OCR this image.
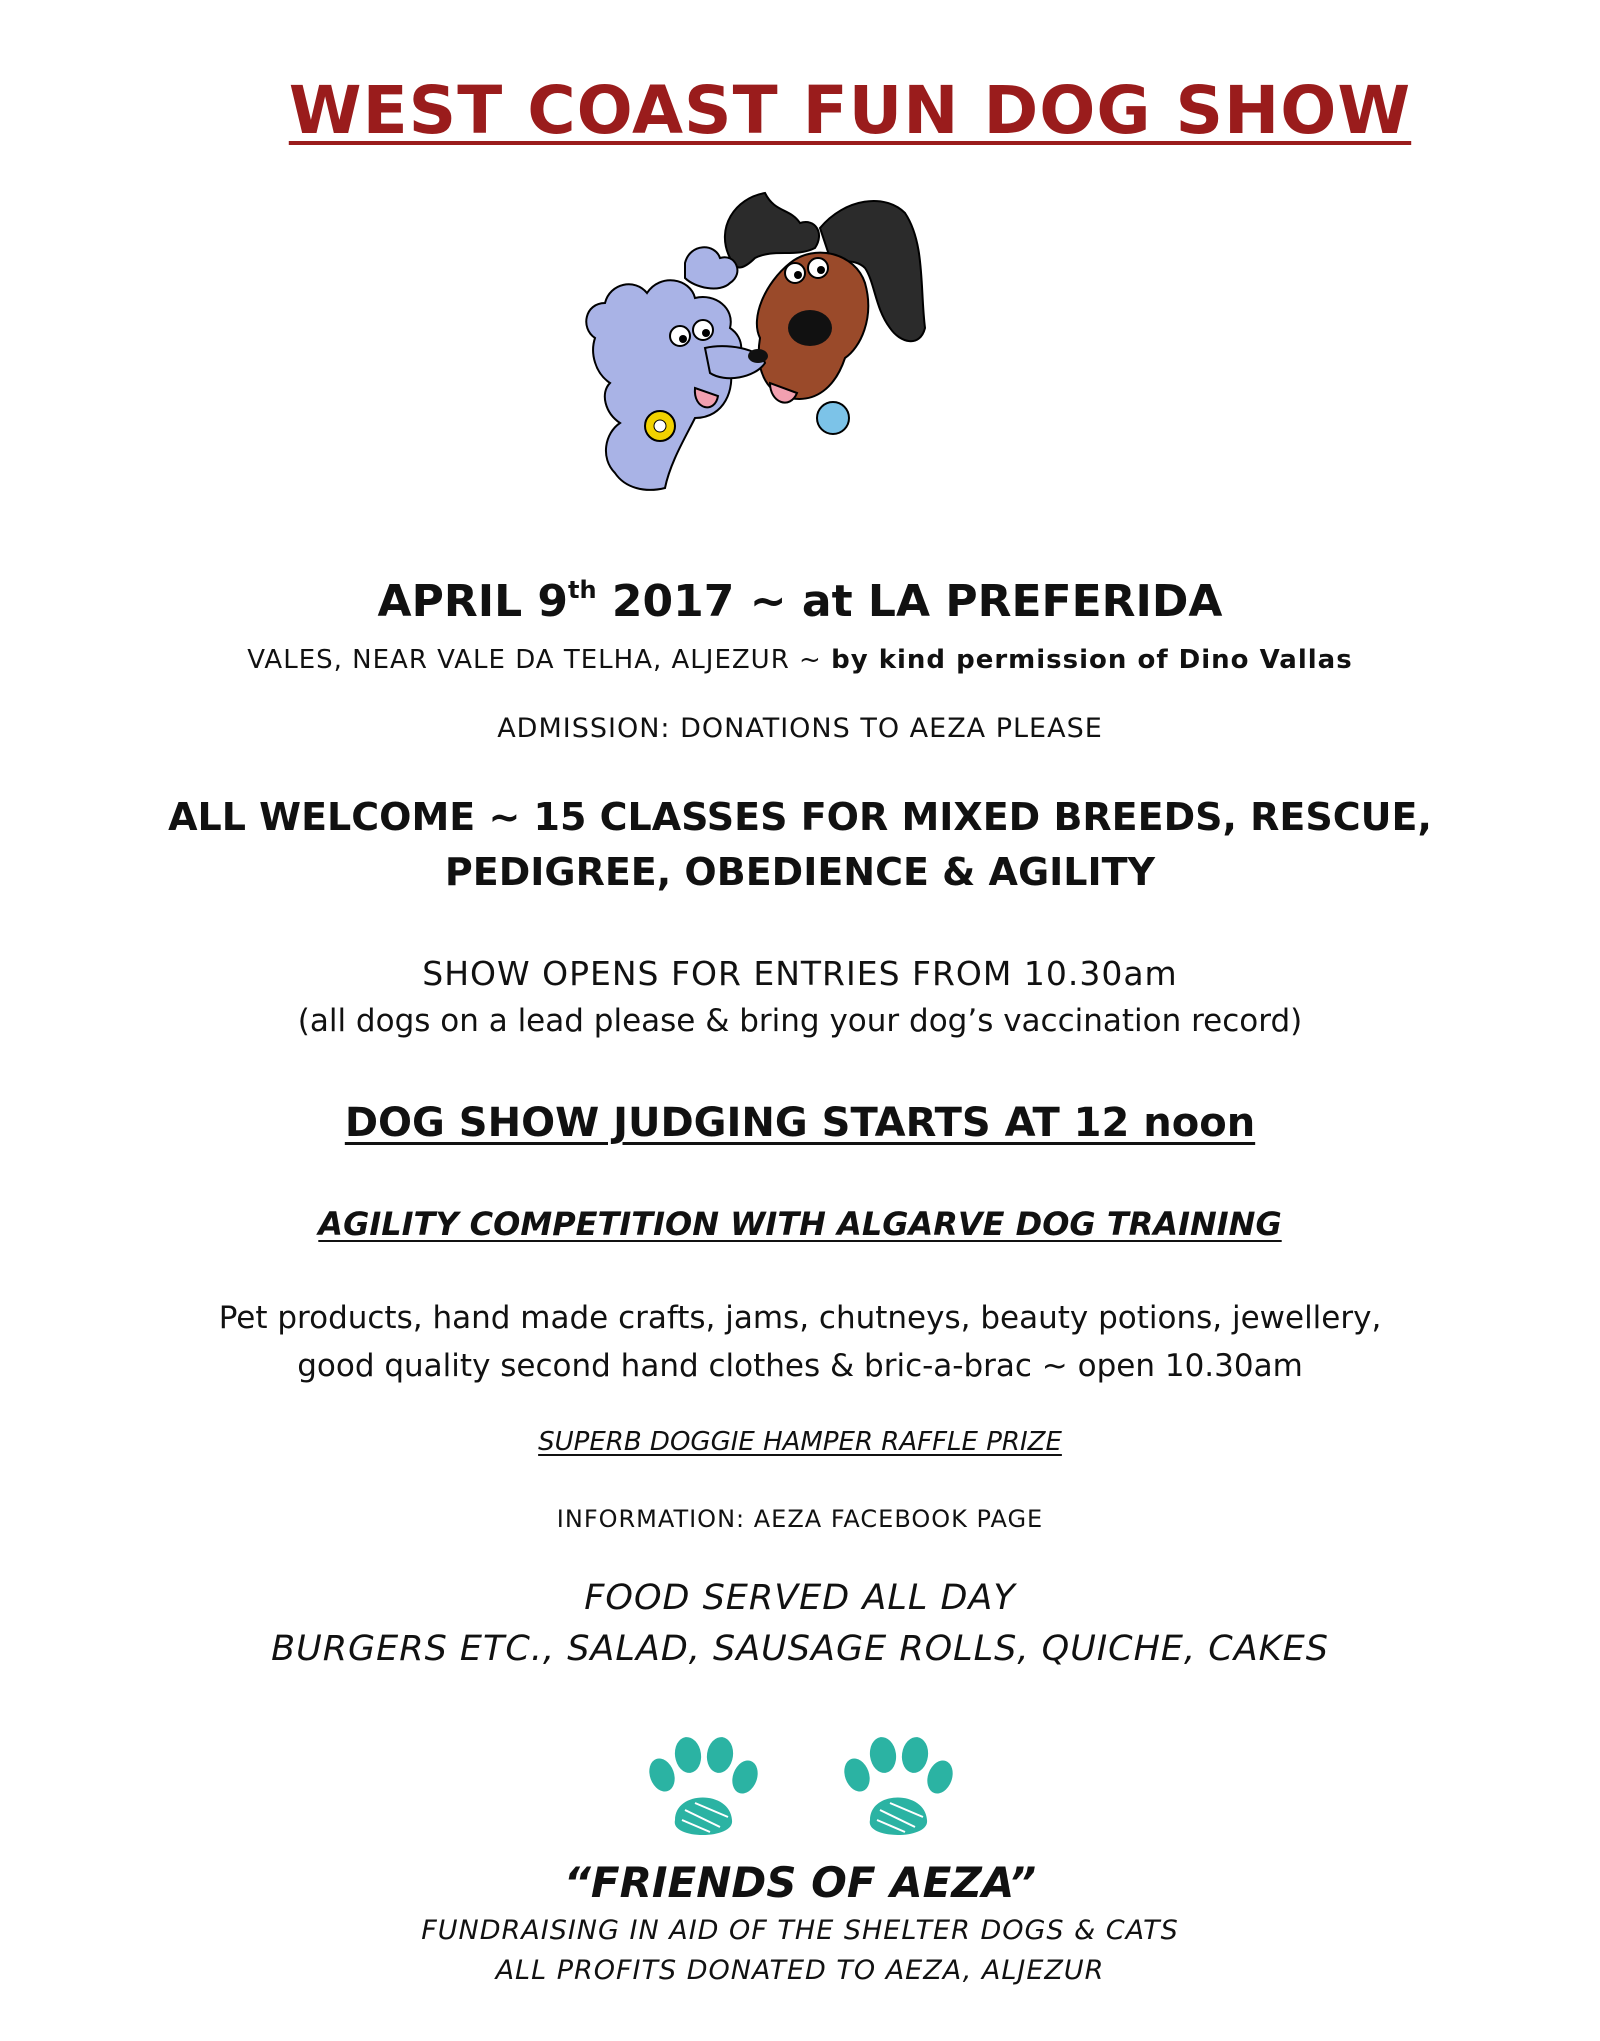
WEST COAST FUN DOG SHOW
APRIL 9th 2017 ~ at LA PREFERIDA
VALES, NEAR VALE DA TELHA, ALJEZUR ~ by kind permission of Dino Vallas
ADMISSION: DONATIONS TO AEZA PLEASE
ALL WELCOME ~ 15 CLASSES FOR MIXED BREEDS, RESCUE,
PEDIGREE, OBEDIENCE & AGILITY
SHOW OPENS FOR ENTRIES FROM 10.30am
(all dogs on a lead please & bring your dog’s vaccination record)
DOG SHOW JUDGING STARTS AT 12 noon
AGILITY COMPETITION WITH ALGARVE DOG TRAINING
Pet products, hand made crafts, jams, chutneys, beauty potions, jewellery,
good quality second hand clothes & bric-a-brac ~ open 10.30am
SUPERB DOGGIE HAMPER RAFFLE PRIZE
INFORMATION: AEZA FACEBOOK PAGE
FOOD SERVED ALL DAY
BURGERS ETC., SALAD, SAUSAGE ROLLS, QUICHE, CAKES
“FRIENDS OF AEZA”
FUNDRAISING IN AID OF THE SHELTER DOGS & CATS
ALL PROFITS DONATED TO AEZA, ALJEZUR
